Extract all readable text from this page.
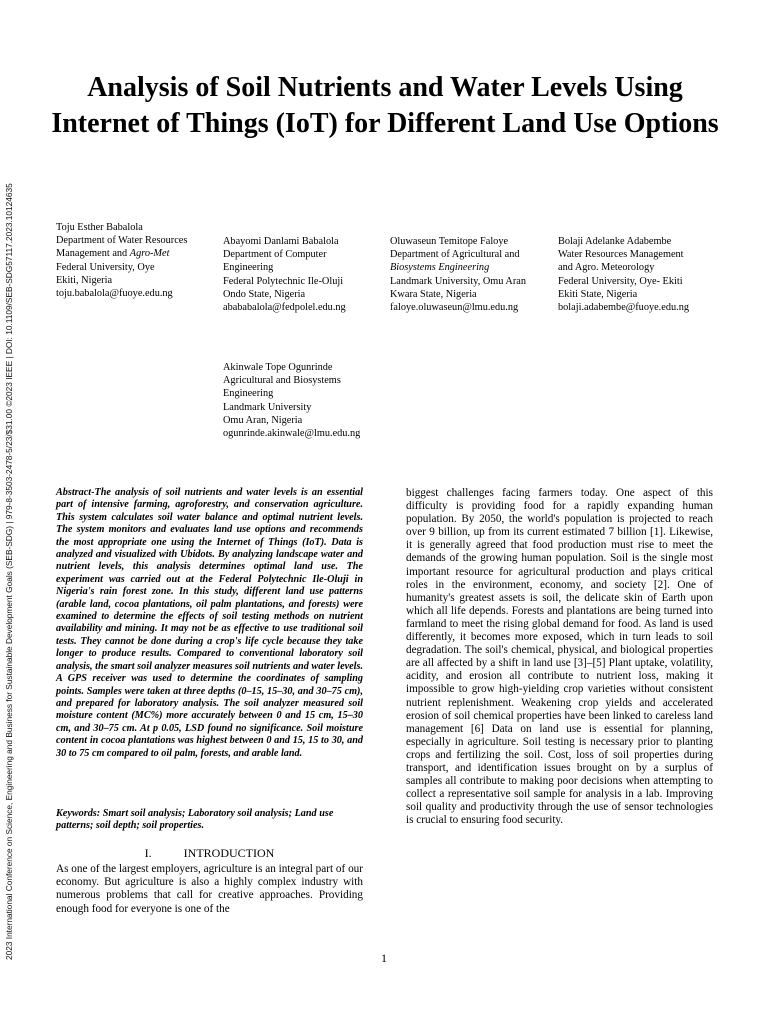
2023 International Conference on Science, Engineering and Business for Sustainable Development Goals (SEB-SDG) | 979-8-3503-2478-5/23/$31.00 ©2023 IEEE | DOI: 10.1109/SEB-SDG57117.2023.10124635
Analysis of Soil Nutrients and Water Levels Using Internet of Things (IoT) for Different Land Use Options
Toju Esther Babalola
Department of Water Resources
Management and Agro-Met
Federal University, Oye
Ekiti, Nigeria
toju.babalola@fuoye.edu.ng
Abayomi Danlami Babalola
Department of Computer
Engineering
Federal Polytechnic Ile-Oluji
Ondo State, Nigeria
abababalola@fedpolel.edu.ng
Oluwaseun Temitope Faloye
Department of Agricultural and
Biosystems Engineering
Landmark University, Omu Aran
Kwara State, Nigeria
faloye.oluwaseun@lmu.edu.ng
Bolaji Adelanke Adabembe
Water Resources Management
and Agro. Meteorology
Federal University, Oye- Ekiti
Ekiti State, Nigeria
bolaji.adabembe@fuoye.edu.ng
Akinwale Tope Ogunrinde
Agricultural and Biosystems
Engineering
Landmark University
Omu Aran, Nigeria
ogunrinde.akinwale@lmu.edu.ng
Abstract-The analysis of soil nutrients and water levels is an essential part of intensive farming, agroforestry, and conservation agriculture. This system calculates soil water balance and optimal nutrient levels. The system monitors and evaluates land use options and recommends the most appropriate one using the Internet of Things (IoT). Data is analyzed and visualized with Ubidots. By analyzing landscape water and nutrient levels, this analysis determines optimal land use. The experiment was carried out at the Federal Polytechnic Ile-Oluji in Nigeria's rain forest zone. In this study, different land use patterns (arable land, cocoa plantations, oil palm plantations, and forests) were examined to determine the effects of soil testing methods on nutrient availability and mining. It may not be as effective to use traditional soil tests. They cannot be done during a crop's life cycle because they take longer to produce results. Compared to conventional laboratory soil analysis, the smart soil analyzer measures soil nutrients and water levels. A GPS receiver was used to determine the coordinates of sampling points. Samples were taken at three depths (0–15, 15–30, and 30–75 cm), and prepared for laboratory analysis. The soil analyzer measured soil moisture content (MC%) more accurately between 0 and 15 cm, 15–30 cm, and 30–75 cm. At p 0.05, LSD found no significance. Soil moisture content in cocoa plantations was highest between 0 and 15, 15 to 30, and 30 to 75 cm compared to oil palm, forests, and arable land.
Keywords: Smart soil analysis; Laboratory soil analysis; Land use patterns; soil depth; soil properties.
I.	INTRODUCTION

As one of the largest employers, agriculture is an integral part of our economy. But agriculture is also a highly complex industry with numerous problems that call for creative approaches. Providing enough food for everyone is one of the

biggest challenges facing farmers today. One aspect of this difficulty is providing food for a rapidly expanding human population. By 2050, the world's population is projected to reach over 9 billion, up from its current estimated 7 billion [1]. Likewise, it is generally agreed that food production must rise to meet the demands of the growing human population. Soil is the single most important resource for agricultural production and plays critical roles in the environment, economy, and society [2]. One of humanity's greatest assets is soil, the delicate skin of Earth upon which all life depends. Forests and plantations are being turned into farmland to meet the rising global demand for food. As land is used differently, it becomes more exposed, which in turn leads to soil degradation. The soil's chemical, physical, and biological properties are all affected by a shift in land use [3]–[5] Plant uptake, volatility, acidity, and erosion all contribute to nutrient loss, making it impossible to grow high-yielding crop varieties without consistent nutrient replenishment. Weakening crop yields and accelerated erosion of soil chemical properties have been linked to careless land management [6] Data on land use is essential for planning, especially in agriculture. Soil testing is necessary prior to planting crops and fertilizing the soil. Cost, loss of soil properties during transport, and identification issues brought on by a surplus of samples all contribute to making poor decisions when attempting to collect a representative soil sample for analysis in a lab. Improving soil quality and productivity through the use of sensor technologies is crucial to ensuring food security.

1
